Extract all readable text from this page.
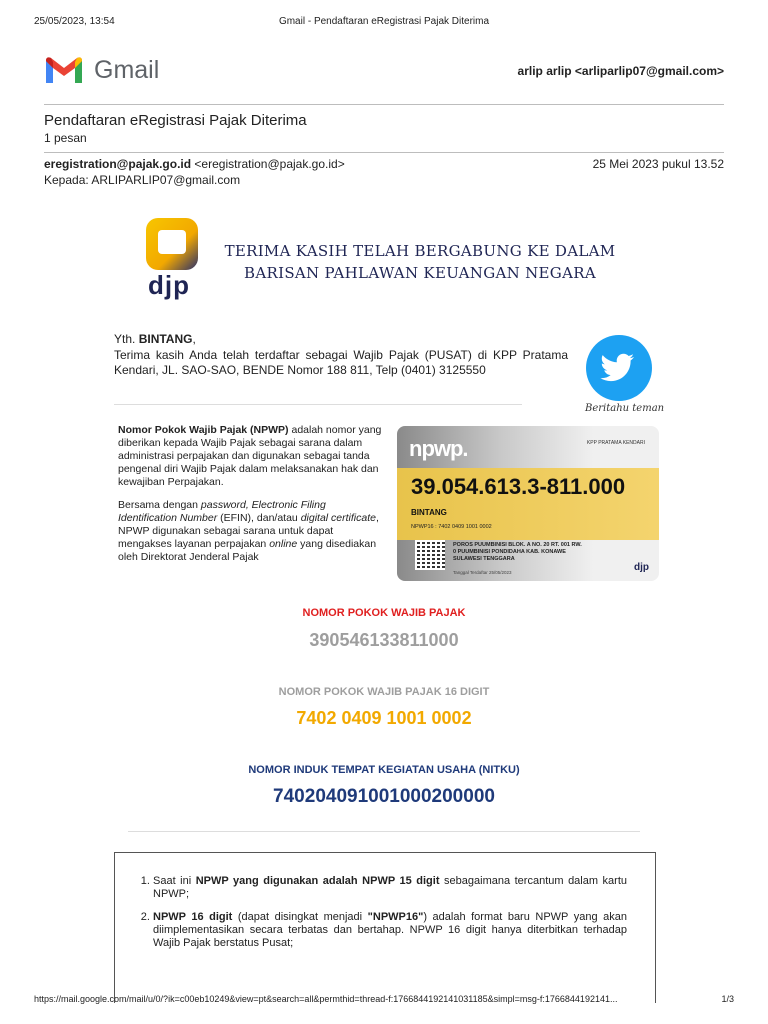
25/05/2023, 13:54	Gmail - Pendaftaran eRegistrasi Pajak Diterima
Gmail	arlip arlip <arliparlip07@gmail.com>
Pendaftaran eRegistrasi Pajak Diterima
1 pesan
eregistration@pajak.go.id <eregistration@pajak.go.id>	25 Mei 2023 pukul 13.52
Kepada: ARLIPARLIP07@gmail.com
djp
TERIMA KASIH TELAH BERGABUNG KE DALAM
BARISAN PAHLAWAN KEUANGAN NEGARA
Yth. BINTANG,
Terima kasih Anda telah terdaftar sebagai Wajib Pajak (PUSAT) di KPP Pratama Kendari, JL. SAO-SAO, BENDE Nomor 188 811, Telp (0401) 3125550
Beritahu teman

Nomor Pokok Wajib Pajak (NPWP) adalah nomor yang diberikan kepada Wajib Pajak sebagai sarana dalam administrasi perpajakan dan digunakan sebagai tanda pengenal diri Wajib Pajak dalam melaksanakan hak dan kewajiban Perpajakan.

Bersama dengan password, Electronic Filing Identification Number (EFIN), dan/atau digital certificate, NPWP digunakan sebagai sarana untuk dapat mengakses layanan perpajakan online yang disediakan oleh Direktorat Jenderal Pajak

npwp.	KPP PRATAMA KENDARI
39.054.613.3-811.000
BINTANG
NPWP16 : 7402 0409 1001 0002
POROS PUUMBINISI BLOK. A NO. 20 RT. 001 RW. 0 PUUMBINISI PONDIDAHA KAB. KONAWE SULAWESI TENGGARA
Tanggal Terdaftar 25/05/2023	djp
NOMOR POKOK WAJIB PAJAK
390546133811000
NOMOR POKOK WAJIB PAJAK 16 DIGIT
7402 0409 1001 0002
NOMOR INDUK TEMPAT KEGIATAN USAHA (NITKU)
740204091001000200000
1. Saat ini NPWP yang digunakan adalah NPWP 15 digit sebagaimana tercantum dalam kartu NPWP;
2. NPWP 16 digit (dapat disingkat menjadi "NPWP16") adalah format baru NPWP yang akan diimplementasikan secara terbatas dan bertahap. NPWP 16 digit hanya diterbitkan terhadap Wajib Pajak berstatus Pusat;
https://mail.google.com/mail/u/0/?ik=c00eb10249&view=pt&search=all&permthid=thread-f:1766844192141031185&simpl=msg-f:1766844192141...	1/3
